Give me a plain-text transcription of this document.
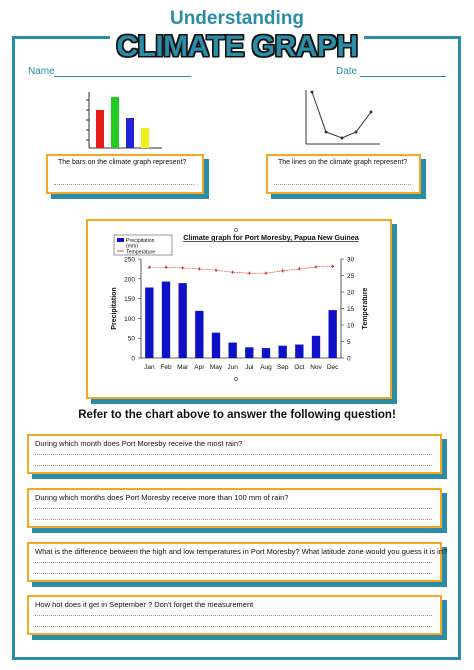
Understanding
CLIMATE GRAPH
Name	Date
The bars on the climate graph represent?	The lines on the climate graph represent?
Climate graph for Port Moresby, Papua New Guinea
Precipitation
(mm)
Temperature
0
50
100
150
200
250
0
5
10
15
20
25
30
Precipitation	Temperature
Jan Feb Mar Apr May Jun Jul Aug Sep Oct Nov Dec
Refer to the chart above to answer the following question!
During which month does Port Moresby receive the most rain?
During which months does Port Moresby receive more than 100 mm of rain?
What is the difference between the high and low temperatures in Port Moresby? What latitude zone would you guess it is in?
How hot does it get in September ? Don't forget the measurement
